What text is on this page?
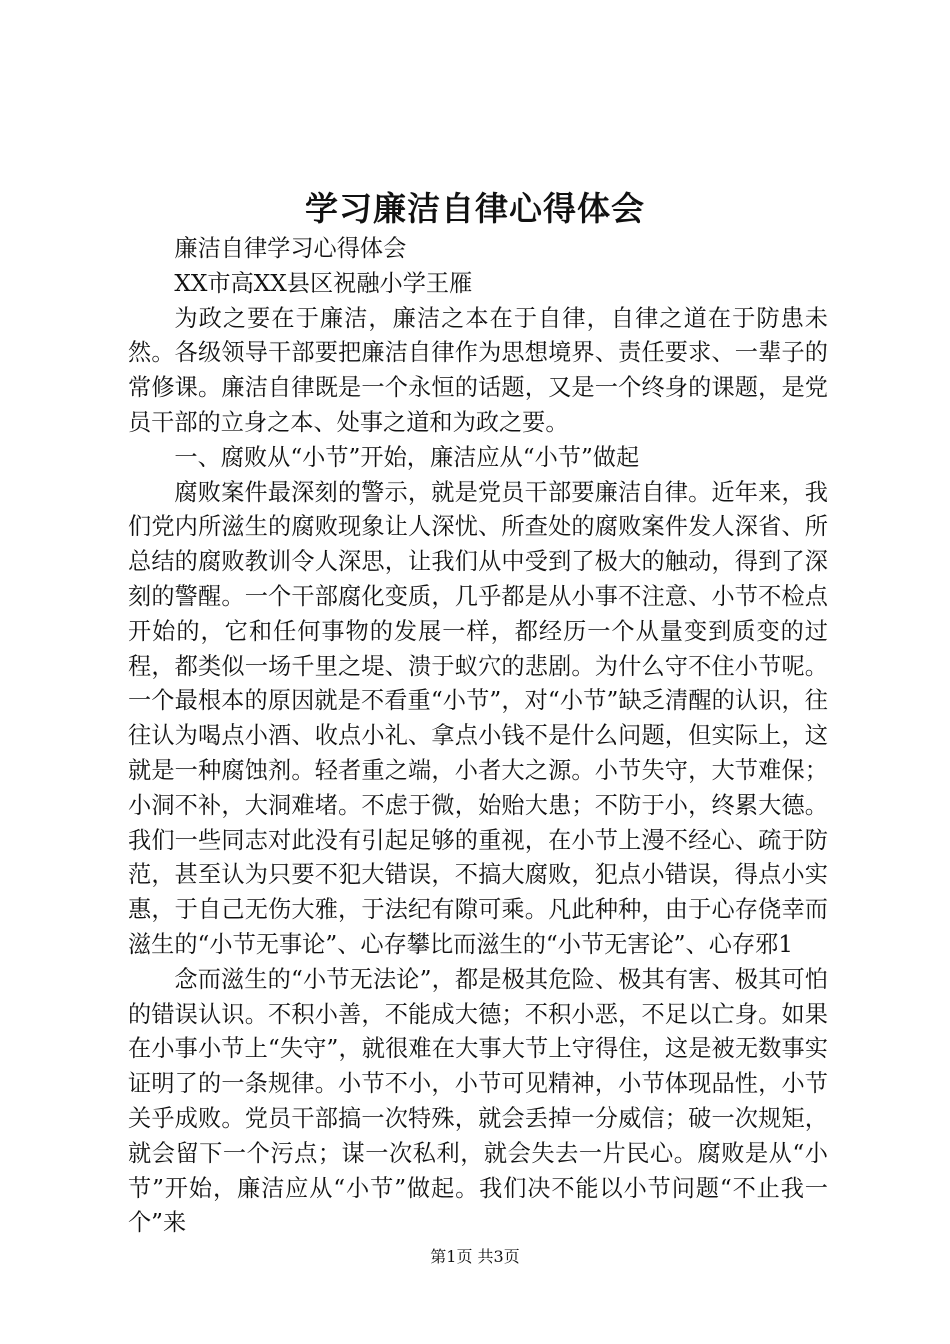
学习廉洁自律心得体会

廉洁自律学习心得体会

XX市高XX县区祝融小学王雁

为政之要在于廉洁，廉洁之本在于自律，自律之道在于防患未然。各级领导干部要把廉洁自律作为思想境界、责任要求、一辈子的常修课。廉洁自律既是一个永恒的话题，又是一个终身的课题，是党员干部的立身之本、处事之道和为政之要。

一、腐败从“小节”开始，廉洁应从“小节”做起

腐败案件最深刻的警示，就是党员干部要廉洁自律。近年来，我们党内所滋生的腐败现象让人深忧、所查处的腐败案件发人深省、所总结的腐败教训令人深思，让我们从中受到了极大的触动，得到了深刻的警醒。一个干部腐化变质，几乎都是从小事不注意、小节不检点开始的，它和任何事物的发展一样，都经历一个从量变到质变的过程，都类似一场千里之堤、溃于蚁穴的悲剧。为什么守不住小节呢。一个最根本的原因就是不看重“小节”，对“小节”缺乏清醒的认识，往往认为喝点小酒、收点小礼、拿点小钱不是什么问题，但实际上，这就是一种腐蚀剂。轻者重之端，小者大之源。小节失守，大节难保；小洞不补，大洞难堵。不虑于微，始贻大患；不防于小，终累大德。我们一些同志对此没有引起足够的重视，在小节上漫不经心、疏于防范，甚至认为只要不犯大错误，不搞大腐败，犯点小错误，得点小实惠，于自己无伤大雅，于法纪有隙可乘。凡此种种，由于心存侥幸而滋生的“小节无事论”、心存攀比而滋生的“小节无害论”、心存邪1

念而滋生的“小节无法论”，都是极其危险、极其有害、极其可怕的错误认识。不积小善，不能成大德；不积小恶，不足以亡身。如果在小事小节上“失守”，就很难在大事大节上守得住，这是被无数事实证明了的一条规律。小节不小，小节可见精神，小节体现品性，小节关乎成败。党员干部搞一次特殊，就会丢掉一分威信；破一次规矩，就会留下一个污点；谋一次私利，就会失去一片民心。腐败是从“小节”开始，廉洁应从“小节”做起。我们决不能以小节问题“不止我一个”来

第1页 共3页
